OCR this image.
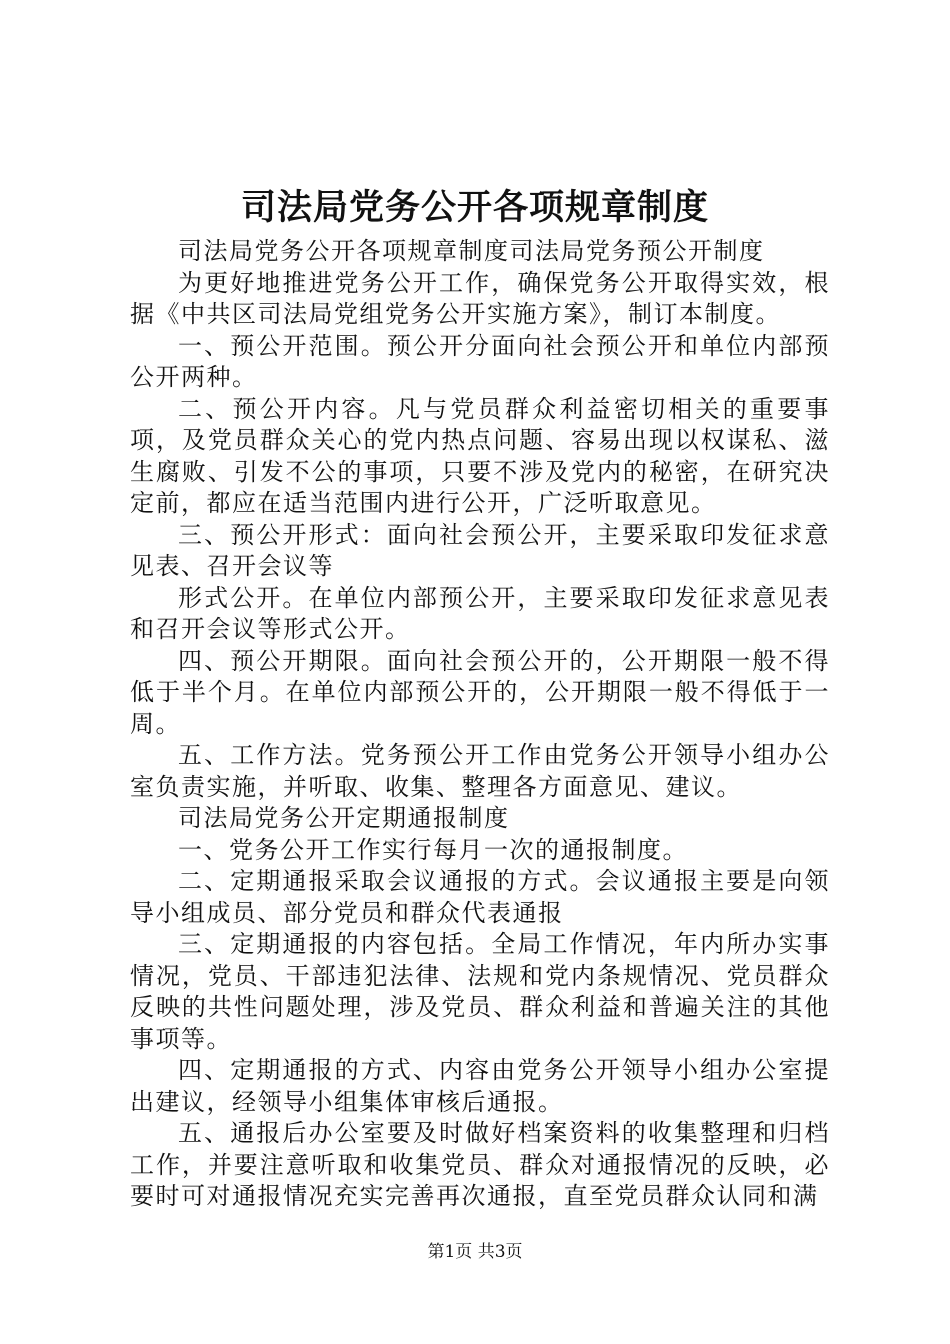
司法局党务公开各项规章制度

司法局党务公开各项规章制度司法局党务预公开制度

为更好地推进党务公开工作，确保党务公开取得实效，根据《中共区司法局党组党务公开实施方案》，制订本制度。

一、预公开范围。预公开分面向社会预公开和单位内部预公开两种。

二、预公开内容。凡与党员群众利益密切相关的重要事项，及党员群众关心的党内热点问题、容易出现以权谋私、滋生腐败、引发不公的事项，只要不涉及党内的秘密，在研究决定前，都应在适当范围内进行公开，广泛听取意见。

三、预公开形式：面向社会预公开，主要采取印发征求意见表、召开会议等

形式公开。在单位内部预公开，主要采取印发征求意见表和召开会议等形式公开。

四、预公开期限。面向社会预公开的，公开期限一般不得低于半个月。在单位内部预公开的，公开期限一般不得低于一周。

五、工作方法。党务预公开工作由党务公开领导小组办公室负责实施，并听取、收集、整理各方面意见、建议。

司法局党务公开定期通报制度

一、党务公开工作实行每月一次的通报制度。

二、定期通报采取会议通报的方式。会议通报主要是向领导小组成员、部分党员和群众代表通报

三、定期通报的内容包括。全局工作情况，年内所办实事情况，党员、干部违犯法律、法规和党内条规情况、党员群众反映的共性问题处理，涉及党员、群众利益和普遍关注的其他事项等。

四、定期通报的方式、内容由党务公开领导小组办公室提出建议，经领导小组集体审核后通报。

五、通报后办公室要及时做好档案资料的收集整理和归档工作，并要注意听取和收集党员、群众对通报情况的反映，必要时可对通报情况充实完善再次通报，直至党员群众认同和满

第1页 共3页
